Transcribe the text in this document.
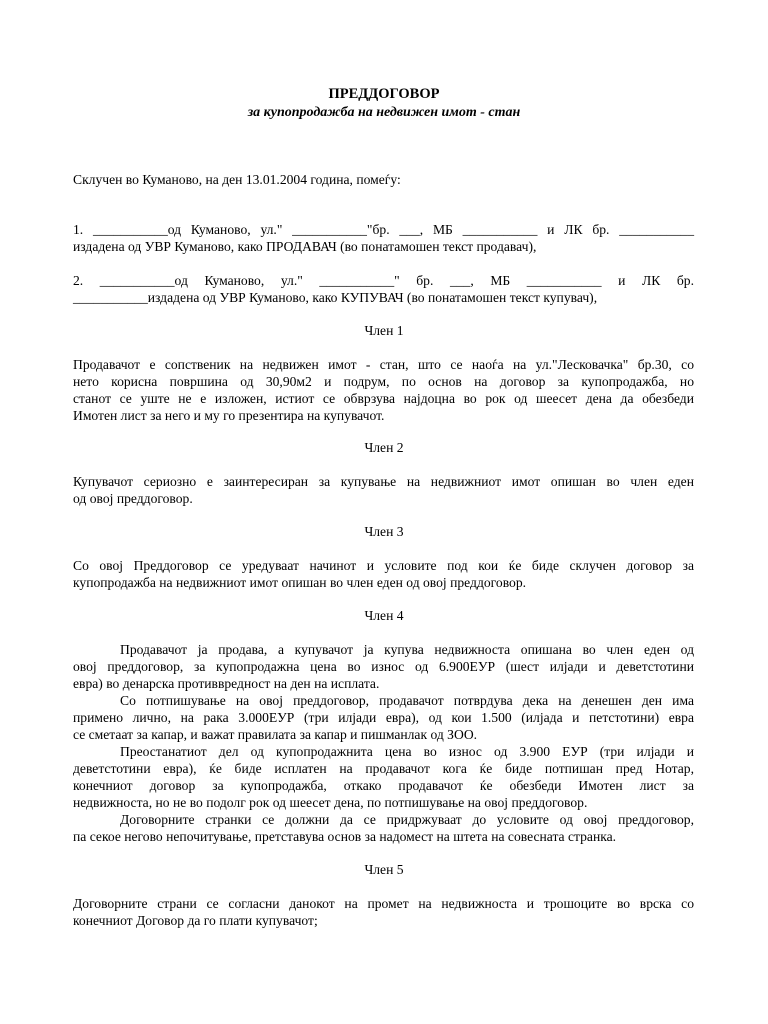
ПРЕДДОГОВОР
за купопродажба на недвижен имот - стан
Склучен во Куманово, на ден 13.01.2004 година, помеѓу:
1. ___________од Куманово, ул." ___________"бр. ___, МБ ___________ и ЛК бр. ___________
издадена од УВР Куманово, како ПРОДАВАЧ (во понатамошен текст продавач),
2. ___________од Куманово, ул." ___________" бр. ___, МБ ___________ и ЛК бр.
___________издадена од УВР Куманово, како КУПУВАЧ (во понатамошен текст купувач),
Член 1
Продавачот е сопственик на недвижен имот - стан, што се наоѓа на ул."Лесковачка" бр.30, со
нето корисна површина од 30,90м2 и подрум, по основ на договор за купопродажба, но
станот се уште не е изложен, истиот се обврзува најдоцна во рок од шеесет дена да обезбеди
Имотен лист за него и му го презентира на купувачот.
Член 2
Купувачот сериозно е заинтересиран за купување на недвижниот имот опишан во член еден
од овој преддоговор.
Член 3
Со овој Преддоговор се уредуваат начинот и условите под кои ќе биде склучен договор за
купопродажба на недвижниот имот опишан во член еден од овој преддоговор.
Член 4
Продавачот ја продава, а купувачот ја купува недвижноста опишана во член еден од
овој преддоговор, за купопродажна цена во износ од 6.900ЕУР (шест илјади и деветстотини
евра) во денарска противвредност на ден на исплата.
Со потпишување на овој преддоговор, продавачот потврдува дека на денешен ден има
примено лично, на рака 3.000ЕУР (три илјади евра), од кои 1.500 (илјада и петстотини) евра
се сметаат за капар, и важат правилата за капар и пишманлак од ЗОО.
Преостанатиот дел од купопродажнита цена во износ од 3.900 ЕУР (три илјади и
деветстотини евра), ќе биде исплатен на продавачот кога ќе биде потпишан пред Нотар,
конечниот договор за купопродажба, откако продавачот ќе обезбеди Имотен лист за
недвижноста, но не во подолг рок од шеесет дена, по потпишување на овој преддоговор.
Договорните странки се должни да се придржуваат до условите од овој преддоговор,
па секое негово непочитување, претставува основ за надомест на штета на совесната странка.
Член 5
Договорните страни се согласни данокот на промет на недвижноста и трошоците во врска со
конечниот Договор да го плати купувачот;
